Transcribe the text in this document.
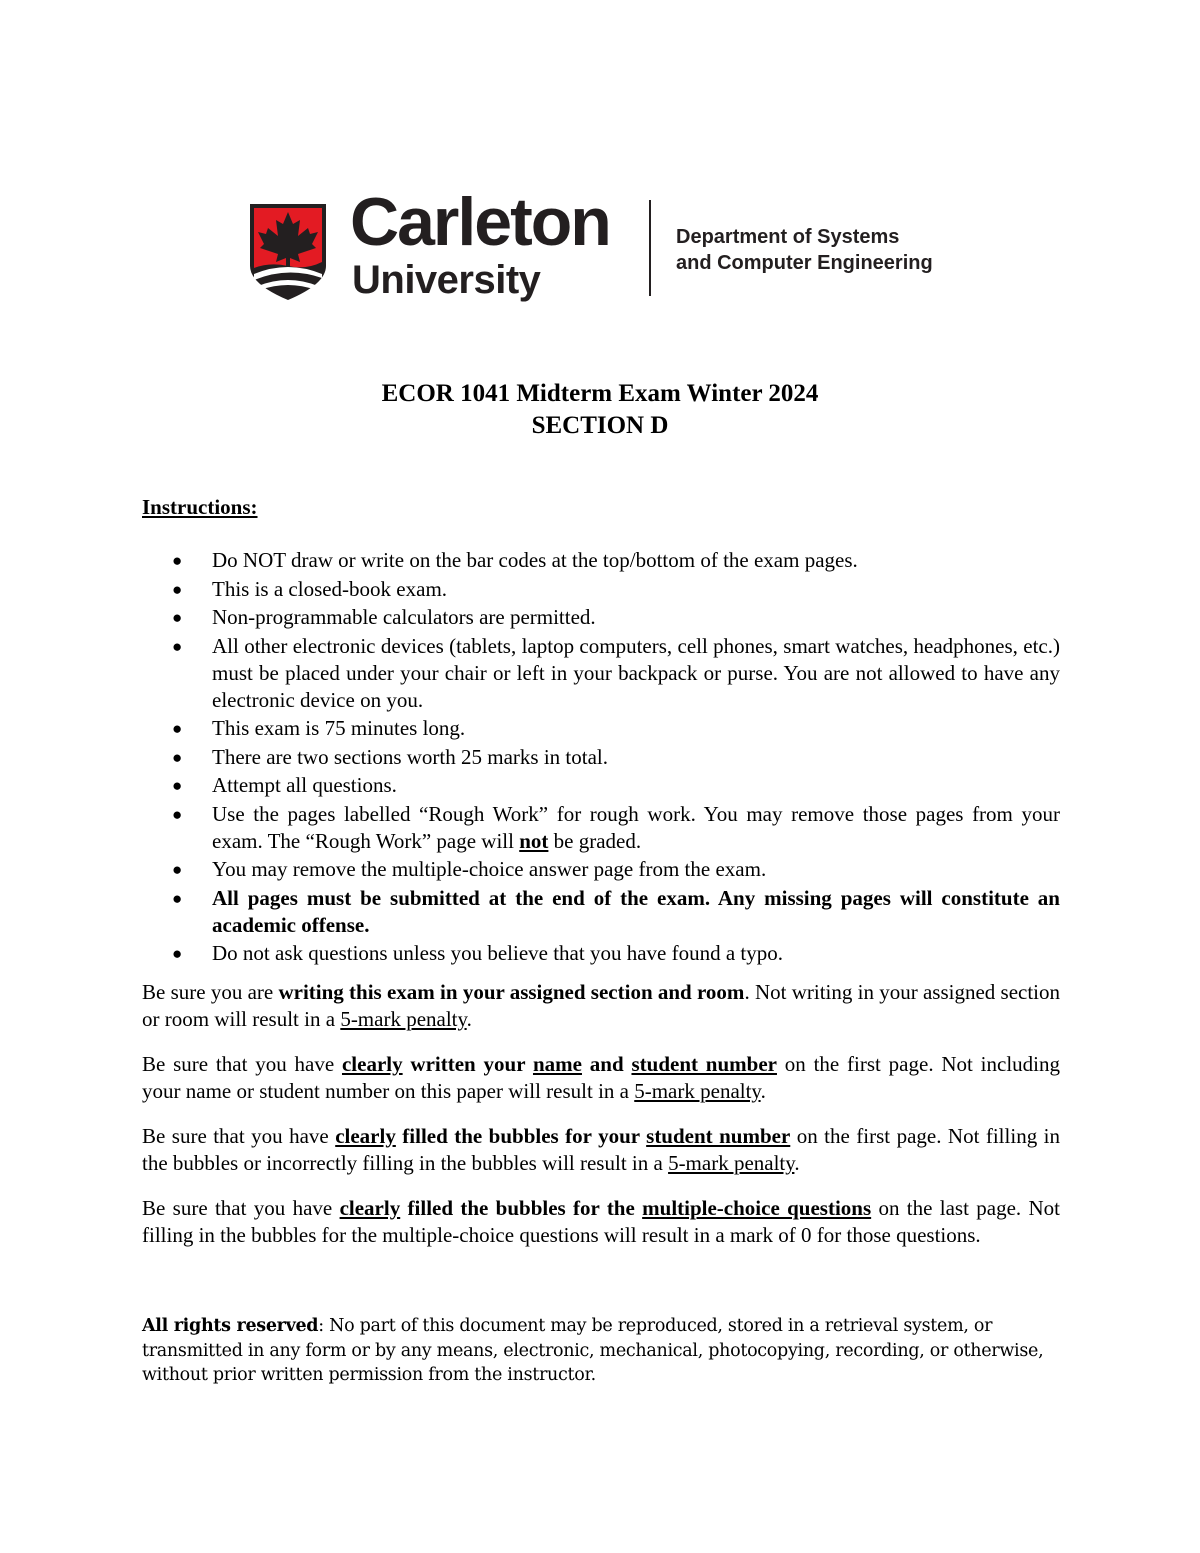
Carleton
University
Department of Systems
and Computer Engineering
ECOR 1041 Midterm Exam Winter 2024
SECTION D
Instructions:
● Do NOT draw or write on the bar codes at the top/bottom of the exam pages.
● This is a closed-book exam.
● Non-programmable calculators are permitted.
● All other electronic devices (tablets, laptop computers, cell phones, smart watches, headphones, etc.) must be placed under your chair or left in your backpack or purse. You are not allowed to have any electronic device on you.
● This exam is 75 minutes long.
● There are two sections worth 25 marks in total.
● Attempt all questions.
● Use the pages labelled “Rough Work” for rough work. You may remove those pages from your exam. The “Rough Work” page will not be graded.
● You may remove the multiple-choice answer page from the exam.
● All pages must be submitted at the end of the exam. Any missing pages will constitute an academic offense.
● Do not ask questions unless you believe that you have found a typo.

Be sure you are writing this exam in your assigned section and room. Not writing in your assigned section or room will result in a 5-mark penalty.

Be sure that you have clearly written your name and student number on the first page. Not including your name or student number on this paper will result in a 5-mark penalty.

Be sure that you have clearly filled the bubbles for your student number on the first page. Not filling in the bubbles or incorrectly filling in the bubbles will result in a 5-mark penalty.

Be sure that you have clearly filled the bubbles for the multiple-choice questions on the last page. Not filling in the bubbles for the multiple-choice questions will result in a mark of 0 for those questions.

All rights reserved: No part of this document may be reproduced, stored in a retrieval system, or transmitted in any form or by any means, electronic, mechanical, photocopying, recording, or otherwise, without prior written permission from the instructor.
